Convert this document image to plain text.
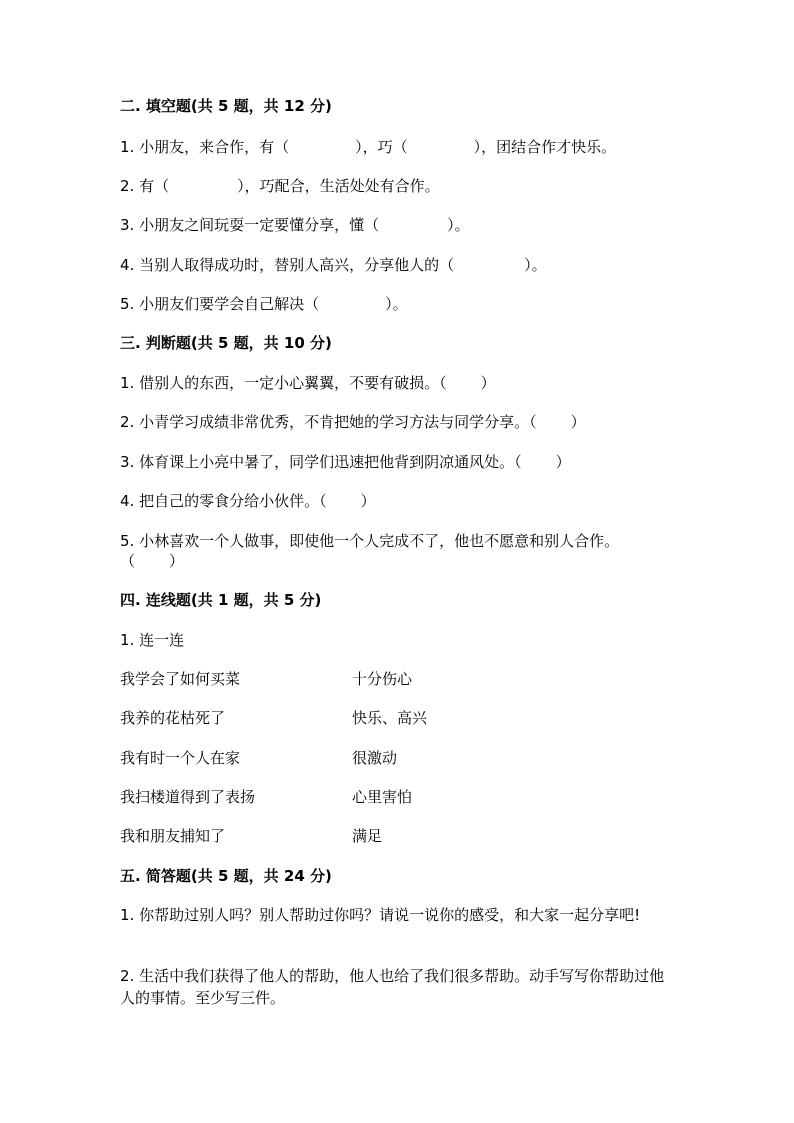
二. 填空题(共 5 题，共 12 分)
1. 小朋友，来合作，有（	），巧（	），团结合作才快乐。
2. 有（	），巧配合，生活处处有合作。
3. 小朋友之间玩耍一定要懂分享，懂（	）。
4. 当别人取得成功时，替别人高兴，分享他人的（	）。
5. 小朋友们要学会自己解决（	）。
三. 判断题(共 5 题，共 10 分)
1. 借别人的东西，一定小心翼翼，不要有破损。（ ）
2. 小青学习成绩非常优秀，不肯把她的学习方法与同学分享。（ ）
3. 体育课上小亮中暑了，同学们迅速把他背到阴凉通风处。（ ）
4. 把自己的零食分给小伙伴。（ ）
5. 小林喜欢一个人做事，即使他一个人完成不了，他也不愿意和别人合作。
（ ）
四. 连线题(共 1 题，共 5 分)
1. 连一连
我学会了如何买菜	十分伤心
我养的花枯死了	快乐、高兴
我有时一个人在家	很激动
我扫楼道得到了表扬	心里害怕
我和朋友捕知了	满足
五. 简答题(共 5 题，共 24 分)
1. 你帮助过别人吗？别人帮助过你吗？请说一说你的感受，和大家一起分享吧!
2. 生活中我们获得了他人的帮助，他人也给了我们很多帮助。动手写写你帮助过他人的事情。至少写三件。
